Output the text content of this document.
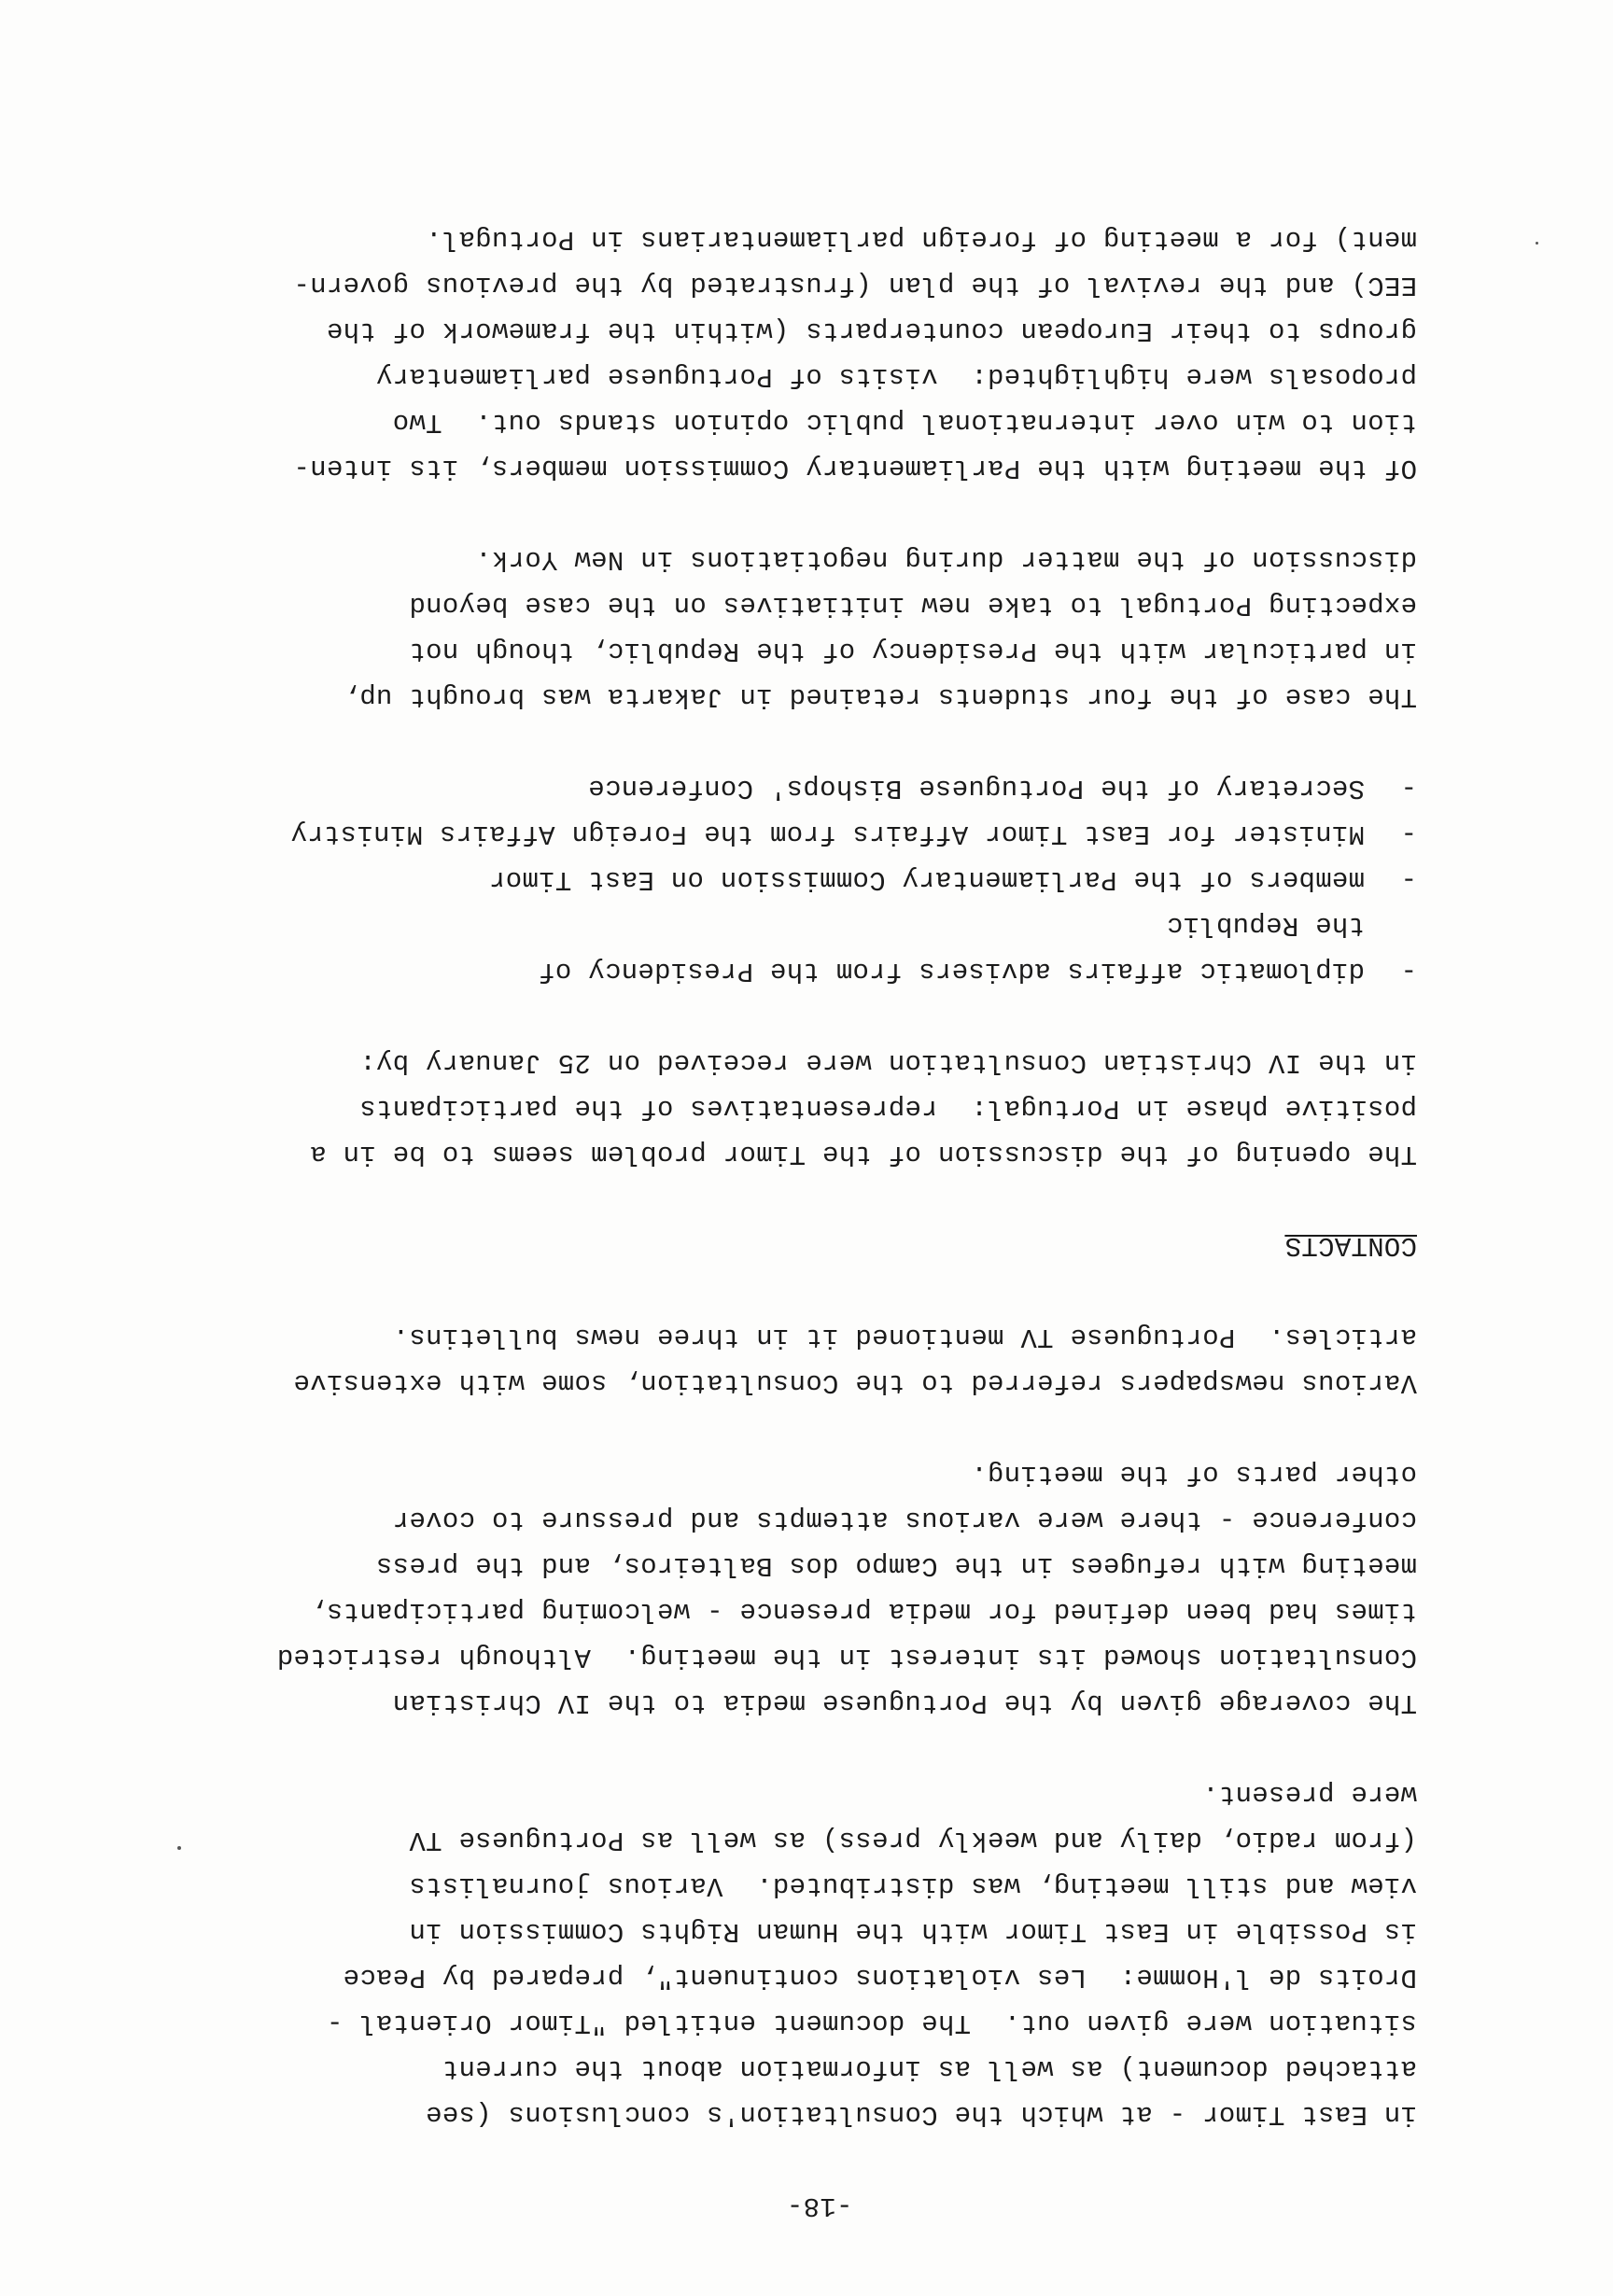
-18-
in East Timor - at which the Consultation's conclusions (see
attached document) as well as information about the current
situation were given out.  The document entitled "Timor Oriental -
Droits de l'Homme:  Les violations continuent", prepared by Peace
is Possible in East Timor with the Human Rights Commission in
view and still meeting, was distributed.  Various journalists
(from radio, daily and weekly press) as well as Portuguese TV
were present.
The coverage given by the Portuguese media to the IV Christian
Consultation showed its interest in the meeting.  Although restricted
times had been defined for media presence - welcoming participants,
meeting with refugees in the Campo dos Balteiros, and the press
conference - there were various attempts and pressure to cover
other parts of the meeting.
Various newspapers referred to the Consultation, some with extensive
articles.  Portuguese TV mentioned it in three news bulletins.
CONTACTS
The opening of the discussion of the Timor problem seems to be in a
positive phase in Portugal:  representatives of the participants
in the IV Christian Consultation were received on 25 January by:
-
diplomatic affairs advisers from the Presidency of
the Republic
-
members of the Parliamentary Commission on East Timor
-
Minister for East Timor Affairs from the Foreign Affairs Ministry
-
Secretary of the Portuguese Bishops' Conference
The case of the four students retained in Jakarta was brought up,
in particular with the Presidency of the Republic, though not
expecting Portugal to take new initiatives on the case beyond
discussion of the matter during negotiations in New York.
Of the meeting with the Parliamentary Commission members, its inten-
tion to win over international public opinion stands out.  Two
proposals were highlighted:  visits of Portuguese parliamentary
groups to their European counterparts (within the framework of the
EEC) and the revival of the plan (frustrated by the previous govern-
ment) for a meeting of foreign parliamentarians in Portugal.
